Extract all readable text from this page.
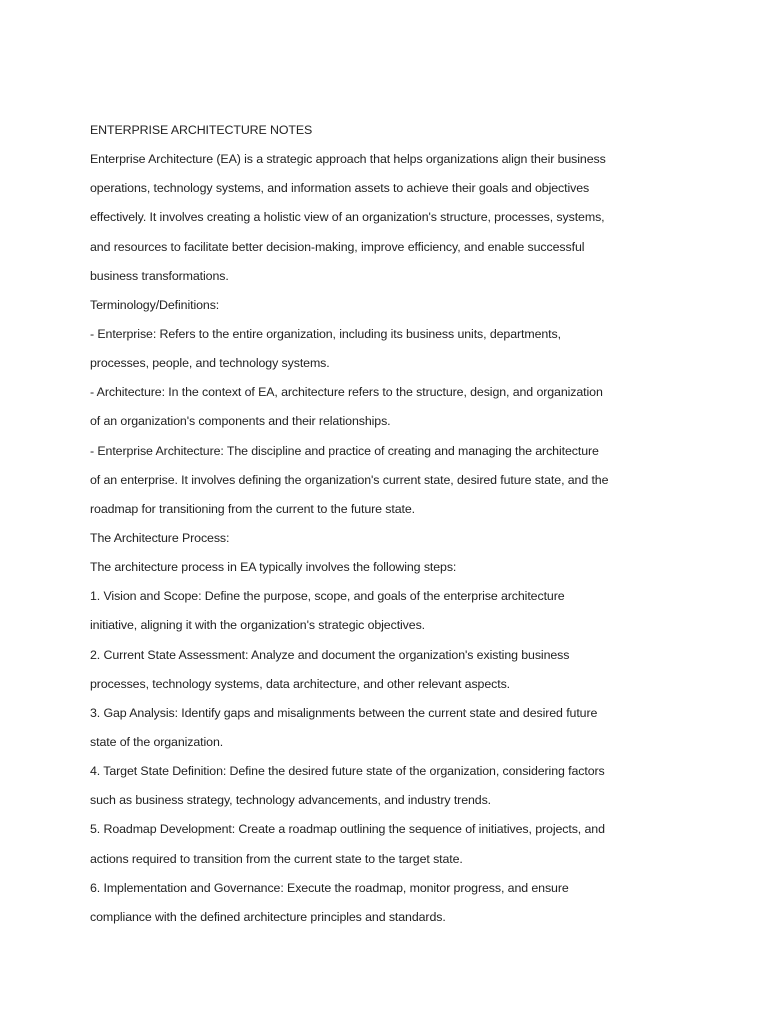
ENTERPRISE ARCHITECTURE NOTES
Enterprise Architecture (EA) is a strategic approach that helps organizations align their business
operations, technology systems, and information assets to achieve their goals and objectives
effectively. It involves creating a holistic view of an organization's structure, processes, systems,
and resources to facilitate better decision-making, improve efficiency, and enable successful
business transformations.
Terminology/Definitions:
- Enterprise: Refers to the entire organization, including its business units, departments,
processes, people, and technology systems.
- Architecture: In the context of EA, architecture refers to the structure, design, and organization
of an organization's components and their relationships.
- Enterprise Architecture: The discipline and practice of creating and managing the architecture
of an enterprise. It involves defining the organization's current state, desired future state, and the
roadmap for transitioning from the current to the future state.
The Architecture Process:
The architecture process in EA typically involves the following steps:
1. Vision and Scope: Define the purpose, scope, and goals of the enterprise architecture
initiative, aligning it with the organization's strategic objectives.
2. Current State Assessment: Analyze and document the organization's existing business
processes, technology systems, data architecture, and other relevant aspects.
3. Gap Analysis: Identify gaps and misalignments between the current state and desired future
state of the organization.
4. Target State Definition: Define the desired future state of the organization, considering factors
such as business strategy, technology advancements, and industry trends.
5. Roadmap Development: Create a roadmap outlining the sequence of initiatives, projects, and
actions required to transition from the current state to the target state.
6. Implementation and Governance: Execute the roadmap, monitor progress, and ensure
compliance with the defined architecture principles and standards.
